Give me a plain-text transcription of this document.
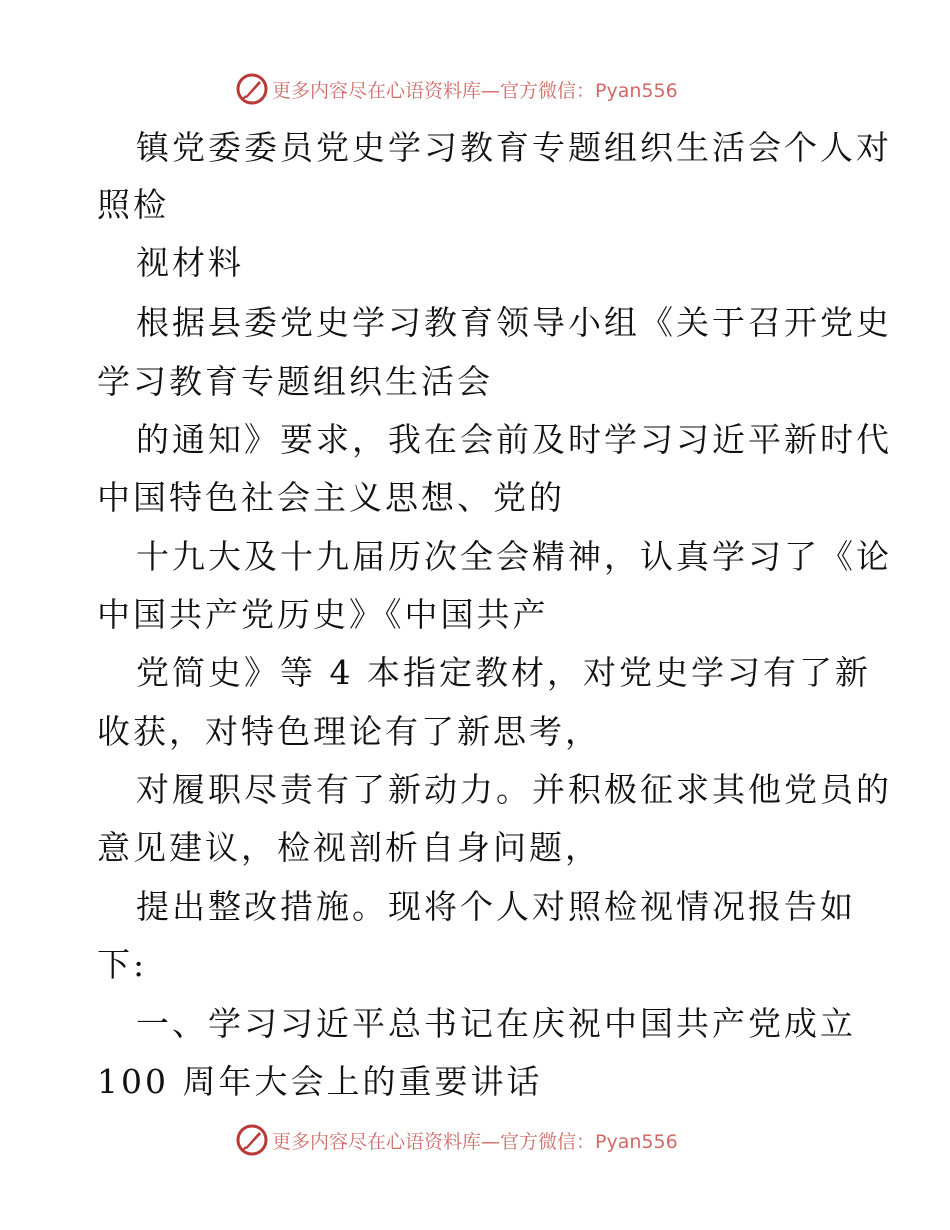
更多内容尽在心语资料库—官方微信：Pyan556
镇党委委员党史学习教育专题组织生活会个人对
照检
视材料
根据县委党史学习教育领导小组《关于召开党史
学习教育专题组织生活会
的通知》要求，我在会前及时学习习近平新时代
中国特色社会主义思想、党的
十九大及十九届历次全会精神，认真学习了《论
中国共产党历史》《中国共产
党简史》等 4 本指定教材，对党史学习有了新
收获，对特色理论有了新思考，
对履职尽责有了新动力。并积极征求其他党员的
意见建议，检视剖析自身问题，
提出整改措施。现将个人对照检视情况报告如
下:
一、学习习近平总书记在庆祝中国共产党成立
100 周年大会上的重要讲话
更多内容尽在心语资料库—官方微信：Pyan556
